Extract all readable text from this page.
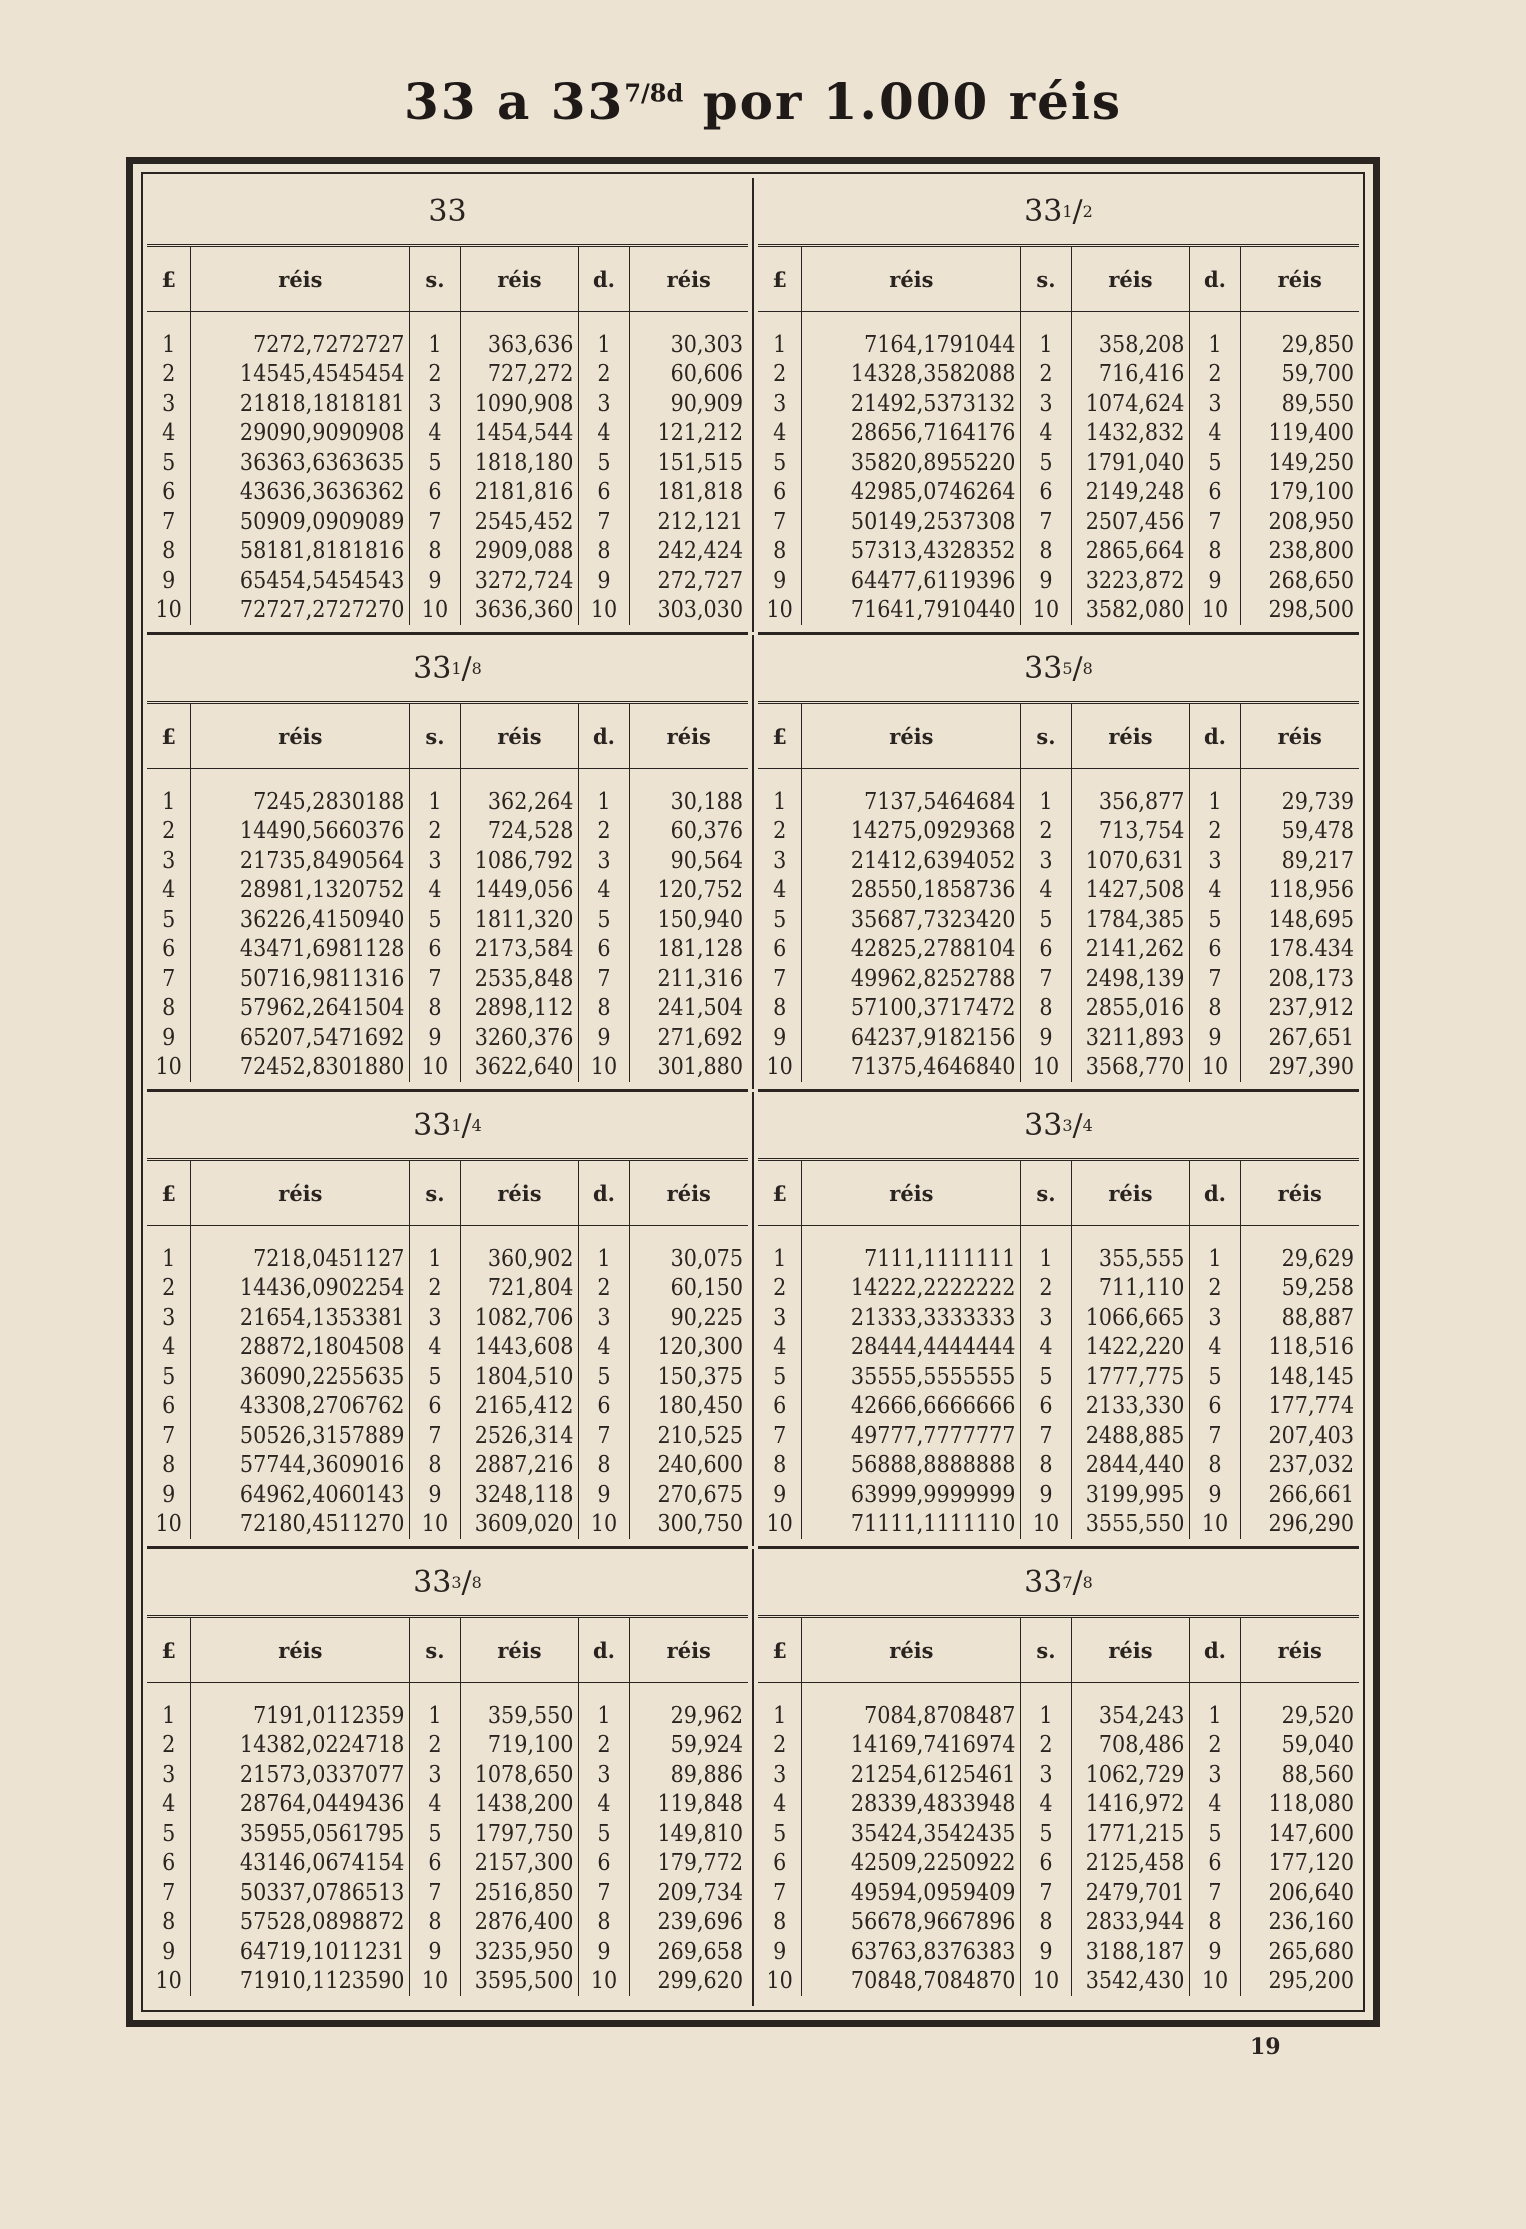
33 a $33^{7/8d}$ por 1.000 réis
33
£	réis	s.	réis	d.	réis
1	7272,7272727	1	363,636	1	30,303
2	14545,4545454	2	727,272	2	60,606
3	21818,1818181	3	1090,908	3	90,909
4	29090,9090908	4	1454,544	4	121,212
5	36363,6363635	5	1818,180	5	151,515
6	43636,3636362	6	2181,816	6	181,818
7	50909,0909089	7	2545,452	7	212,121
8	58181,8181816	8	2909,088	8	242,424
9	65454,5454543	9	3272,724	9	272,727
10	72727,2727270	10	3636,360	10	303,030
33 1 / 2
£	réis	s.	réis	d.	réis
1	7164,1791044	1	358,208	1	29,850
2	14328,3582088	2	716,416	2	59,700
3	21492,5373132	3	1074,624	3	89,550
4	28656,7164176	4	1432,832	4	119,400
5	35820,8955220	5	1791,040	5	149,250
6	42985,0746264	6	2149,248	6	179,100
7	50149,2537308	7	2507,456	7	208,950
8	57313,4328352	8	2865,664	8	238,800
9	64477,6119396	9	3223,872	9	268,650
10	71641,7910440	10	3582,080	10	298,500
33 1 / 8
£	réis	s.	réis	d.	réis
1	7245,2830188	1	362,264	1	30,188
2	14490,5660376	2	724,528	2	60,376
3	21735,8490564	3	1086,792	3	90,564
4	28981,1320752	4	1449,056	4	120,752
5	36226,4150940	5	1811,320	5	150,940
6	43471,6981128	6	2173,584	6	181,128
7	50716,9811316	7	2535,848	7	211,316
8	57962,2641504	8	2898,112	8	241,504
9	65207,5471692	9	3260,376	9	271,692
10	72452,8301880	10	3622,640	10	301,880
33 5 / 8
£	réis	s.	réis	d.	réis
1	7137,5464684	1	356,877	1	29,739
2	14275,0929368	2	713,754	2	59,478
3	21412,6394052	3	1070,631	3	89,217
4	28550,1858736	4	1427,508	4	118,956
5	35687,7323420	5	1784,385	5	148,695
6	42825,2788104	6	2141,262	6	178.434
7	49962,8252788	7	2498,139	7	208,173
8	57100,3717472	8	2855,016	8	237,912
9	64237,9182156	9	3211,893	9	267,651
10	71375,4646840	10	3568,770	10	297,390
33 1 / 4
£	réis	s.	réis	d.	réis
1	7218,0451127	1	360,902	1	30,075
2	14436,0902254	2	721,804	2	60,150
3	21654,1353381	3	1082,706	3	90,225
4	28872,1804508	4	1443,608	4	120,300
5	36090,2255635	5	1804,510	5	150,375
6	43308,2706762	6	2165,412	6	180,450
7	50526,3157889	7	2526,314	7	210,525
8	57744,3609016	8	2887,216	8	240,600
9	64962,4060143	9	3248,118	9	270,675
10	72180,4511270	10	3609,020	10	300,750
33 3 / 4
£	réis	s.	réis	d.	réis
1	7111,1111111	1	355,555	1	29,629
2	14222,2222222	2	711,110	2	59,258
3	21333,3333333	3	1066,665	3	88,887
4	28444,4444444	4	1422,220	4	118,516
5	35555,5555555	5	1777,775	5	148,145
6	42666,6666666	6	2133,330	6	177,774
7	49777,7777777	7	2488,885	7	207,403
8	56888,8888888	8	2844,440	8	237,032
9	63999,9999999	9	3199,995	9	266,661
10	71111,1111110	10	3555,550	10	296,290
33 3 / 8
£	réis	s.	réis	d.	réis
1	7191,0112359	1	359,550	1	29,962
2	14382,0224718	2	719,100	2	59,924
3	21573,0337077	3	1078,650	3	89,886
4	28764,0449436	4	1438,200	4	119,848
5	35955,0561795	5	1797,750	5	149,810
6	43146,0674154	6	2157,300	6	179,772
7	50337,0786513	7	2516,850	7	209,734
8	57528,0898872	8	2876,400	8	239,696
9	64719,1011231	9	3235,950	9	269,658
10	71910,1123590	10	3595,500	10	299,620
33 7 / 8
£	réis	s.	réis	d.	réis
1	7084,8708487	1	354,243	1	29,520
2	14169,7416974	2	708,486	2	59,040
3	21254,6125461	3	1062,729	3	88,560
4	28339,4833948	4	1416,972	4	118,080
5	35424,3542435	5	1771,215	5	147,600
6	42509,2250922	6	2125,458	6	177,120
7	49594,0959409	7	2479,701	7	206,640
8	56678,9667896	8	2833,944	8	236,160
9	63763,8376383	9	3188,187	9	265,680
10	70848,7084870	10	3542,430	10	295,200
19
